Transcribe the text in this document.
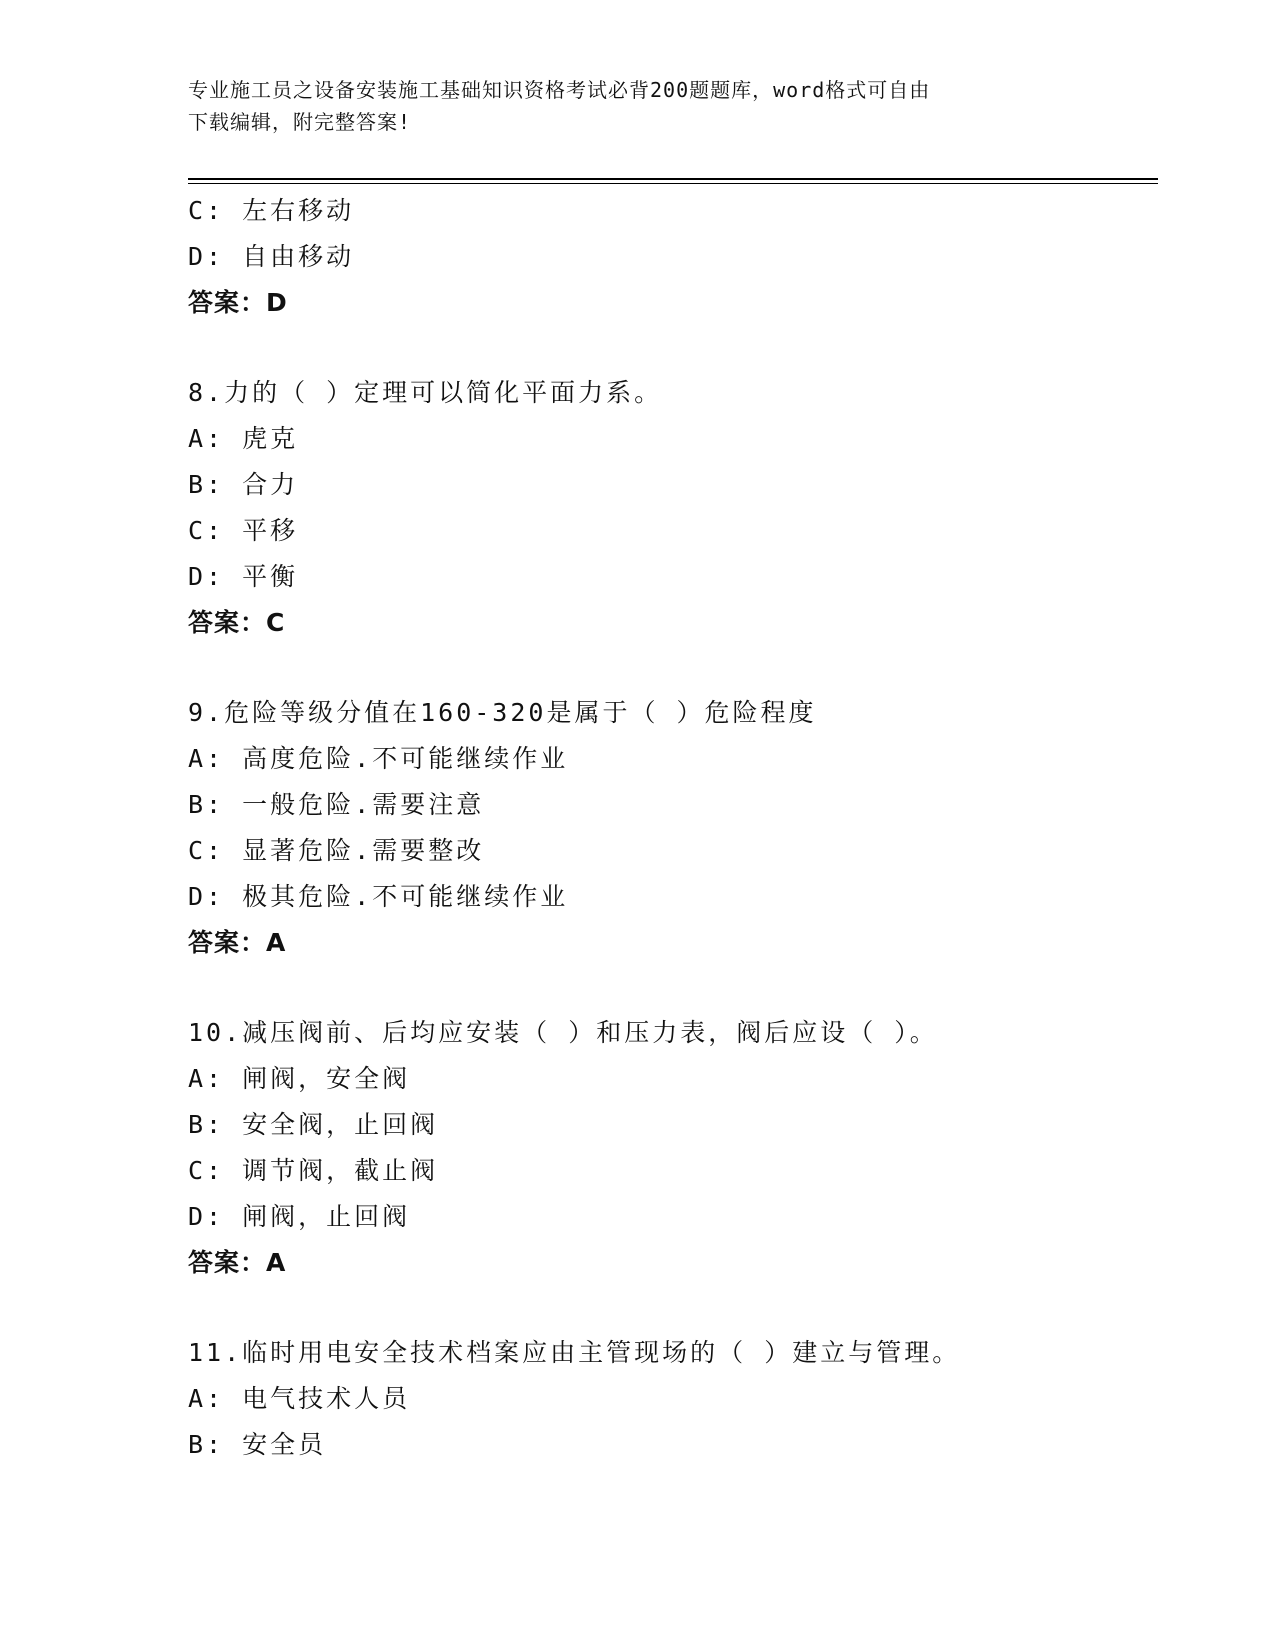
专业施工员之设备安装施工基础知识资格考试必背200题题库，word格式可自由
下载编辑，附完整答案!
C: 左右移动
D: 自由移动
答案：D
8.力的（ ）定理可以简化平面力系。
A: 虎克
B: 合力
C: 平移
D: 平衡
答案：C
9.危险等级分值在160-320是属于（ ）危险程度
A: 高度危险.不可能继续作业
B: 一般危险.需要注意
C: 显著危险.需要整改
D: 极其危险.不可能继续作业
答案：A
10.减压阀前、后均应安装（ ）和压力表，阀后应设（ ）。
A: 闸阀，安全阀
B: 安全阀，止回阀
C: 调节阀，截止阀
D: 闸阀，止回阀
答案：A
11.临时用电安全技术档案应由主管现场的（ ）建立与管理。
A: 电气技术人员
B: 安全员
